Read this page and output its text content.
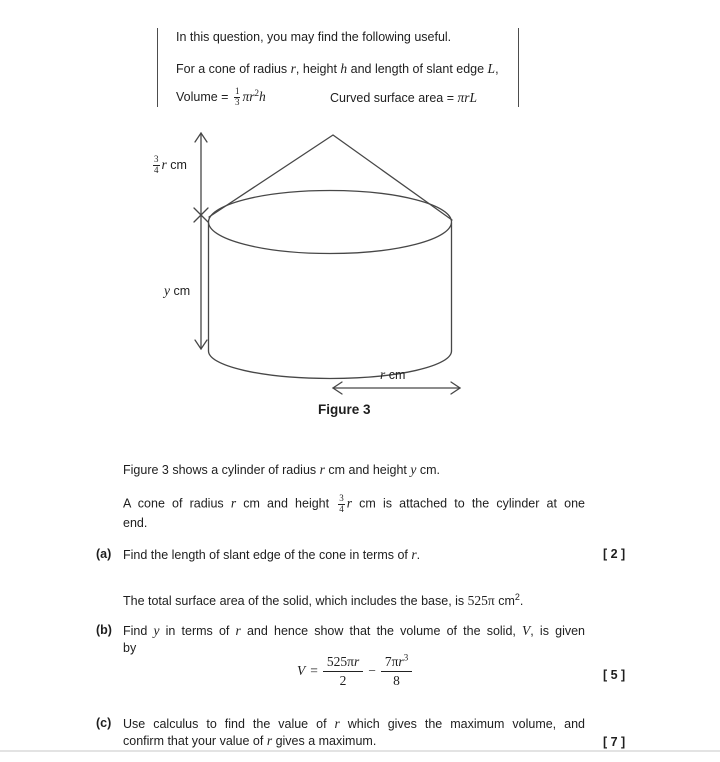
In this question, you may find the following useful.
For a cone of radius r, height h and length of slant edge L,
Volume = $\frac{1}{3} \pi r^2h$	Curved surface area = πrL
$\frac{3}{4}$ r cm
y cm
r cm
Figure 3
Figure 3 shows a cylinder of radius r cm and height y cm.
A cone of radius r cm and height $\frac{3}{4}$ r cm is attached to the cylinder at one
end.
(a) Find the length of slant edge of the cone in terms of r.	[ 2 ]
The total surface area of the solid, which includes the base, is 525π $cm^2$.
(b) Find y in terms of r and hence show that the volume of the solid, V, is given
by
$V = \frac{525\pi r}{2} - \frac{7\pi r^3}{8}$	[ 5 ]
(c) Use calculus to find the value of r which gives the maximum volume, and
confirm that your value of r gives a maximum.	[ 7 ]
